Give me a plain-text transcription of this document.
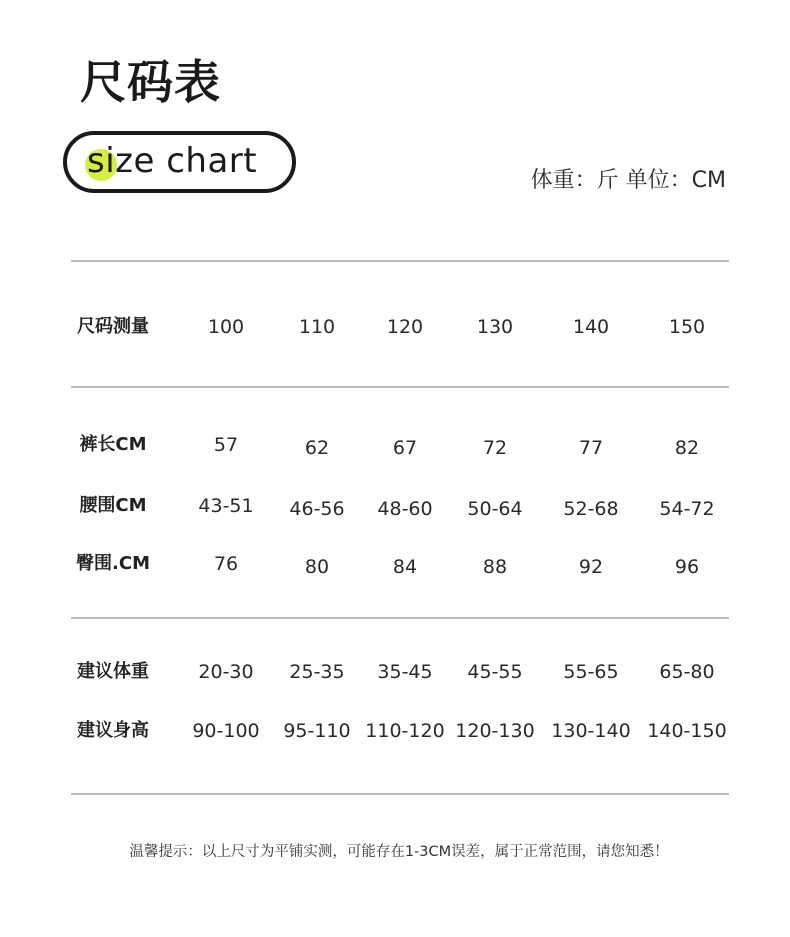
尺码表
size chart	体重：斤 单位：CM
尺码测量	100	110	120	130	140	150
裤长CM	57	62	67	72	77	82
腰围CM	43-51	46-56	48-60	50-64	52-68	54-72
臀围.CM	76	80	84	88	92	96
建议体重	20-30	25-35	35-45	45-55	55-65	65-80
建议身高	90-100	95-110 110-120 120-130 130-140 140-150
温馨提示：以上尺寸为平铺实测，可能存在1-3CM误差，属于正常范围，请您知悉！
